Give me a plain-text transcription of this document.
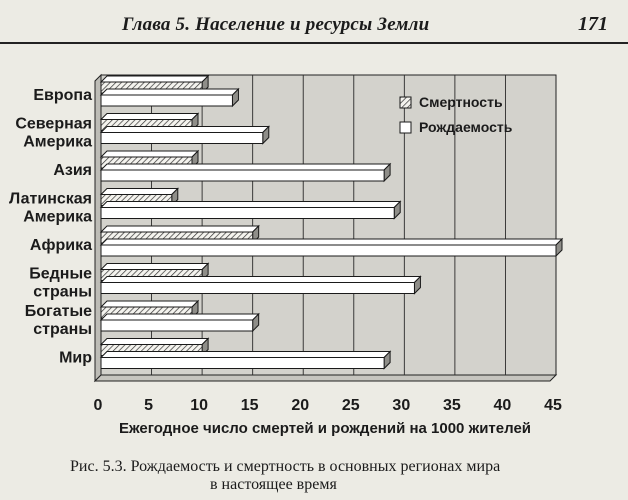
Глава 5. Население и ресурсы Земли	171
0	5 10 15 20 25 30 35 40 45
Ежегодное число смертей и рождений на 1000 жителей
Европа
Северная Америка
Азия
Латинская Америка
Африка
Бедные страны
Богатые страны
Мир
Смертность
Рождаемость
Рис. 5.3. Рождаемость и смертность в основных регионах мира
в настоящее время
